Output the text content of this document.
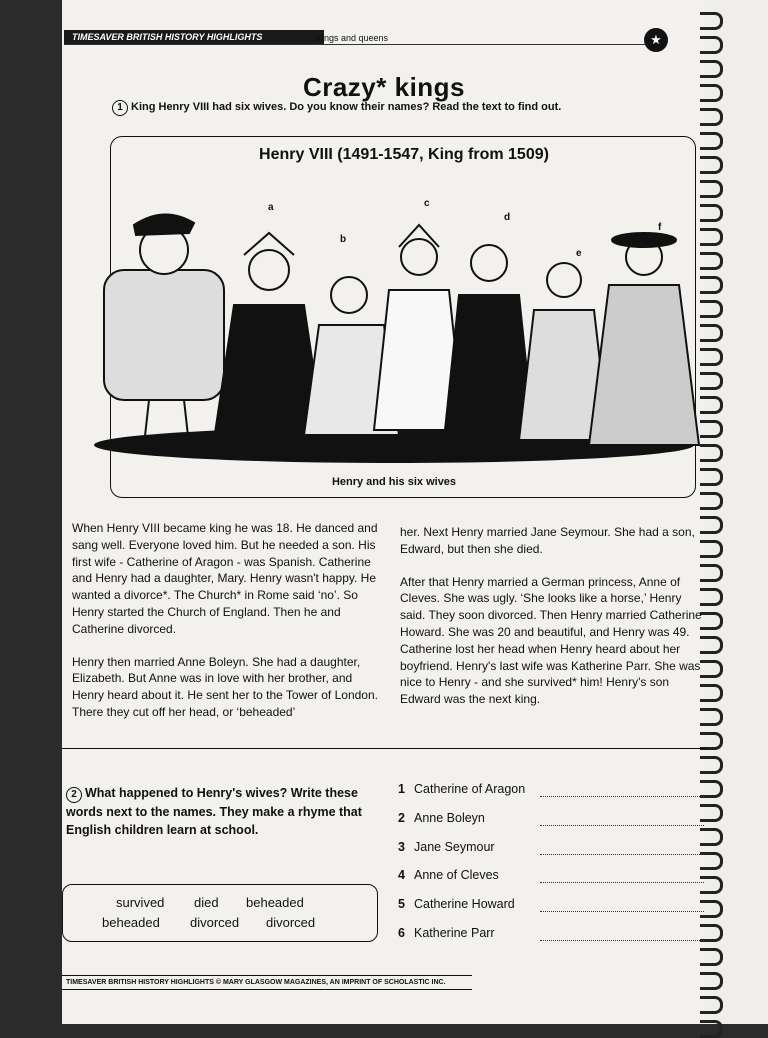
TIMESAVER BRITISH HISTORY HIGHLIGHTS	Kings and queens	★
Crazy* kings
1 King Henry VIII had six wives. Do you know their names? Read the text to find out.
Henry VIII (1491-1547, King from 1509)
a
b
c
d
e
f
Henry and his six wives

When Henry VIII became king he was 18. He danced and sang well. Everyone loved him. But he needed a son. His first wife - Catherine of Aragon - was Spanish. Catherine and Henry had a daughter, Mary. Henry wasn't happy. He wanted a divorce*. The Church* in Rome said ‘no’. So Henry started the Church of England. Then he and Catherine divorced.

Henry then married Anne Boleyn. She had a daughter, Elizabeth. But Anne was in love with her brother, and Henry heard about it. He sent her to the Tower of London. There they cut off her head, or ‘beheaded’

her. Next Henry married Jane Seymour. She had a son, Edward, but then she died.

After that Henry married a German princess, Anne of Cleves. She was ugly. ‘She looks like a horse,’ Henry said. They soon divorced. Then Henry married Catherine Howard. She was 20 and beautiful, and Henry was 49. Catherine lost her head when Henry heard about her boyfriend. Henry's last wife was Katherine Parr. She was nice to Henry - and she survived* him! Henry's son Edward was the next king.

2 What happened to Henry's wives? Write these words next to the names. They make a rhyme that English children learn at school.
survived died beheaded
beheaded divorced divorced
1 Catherine of Aragon
2 Anne Boleyn
3 Jane Seymour
4 Anne of Cleves
5 Catherine Howard
6 Katherine Parr
TIMESAVER BRITISH HISTORY HIGHLIGHTS © MARY GLASGOW MAGAZINES, AN IMPRINT OF SCHOLASTIC INC.
